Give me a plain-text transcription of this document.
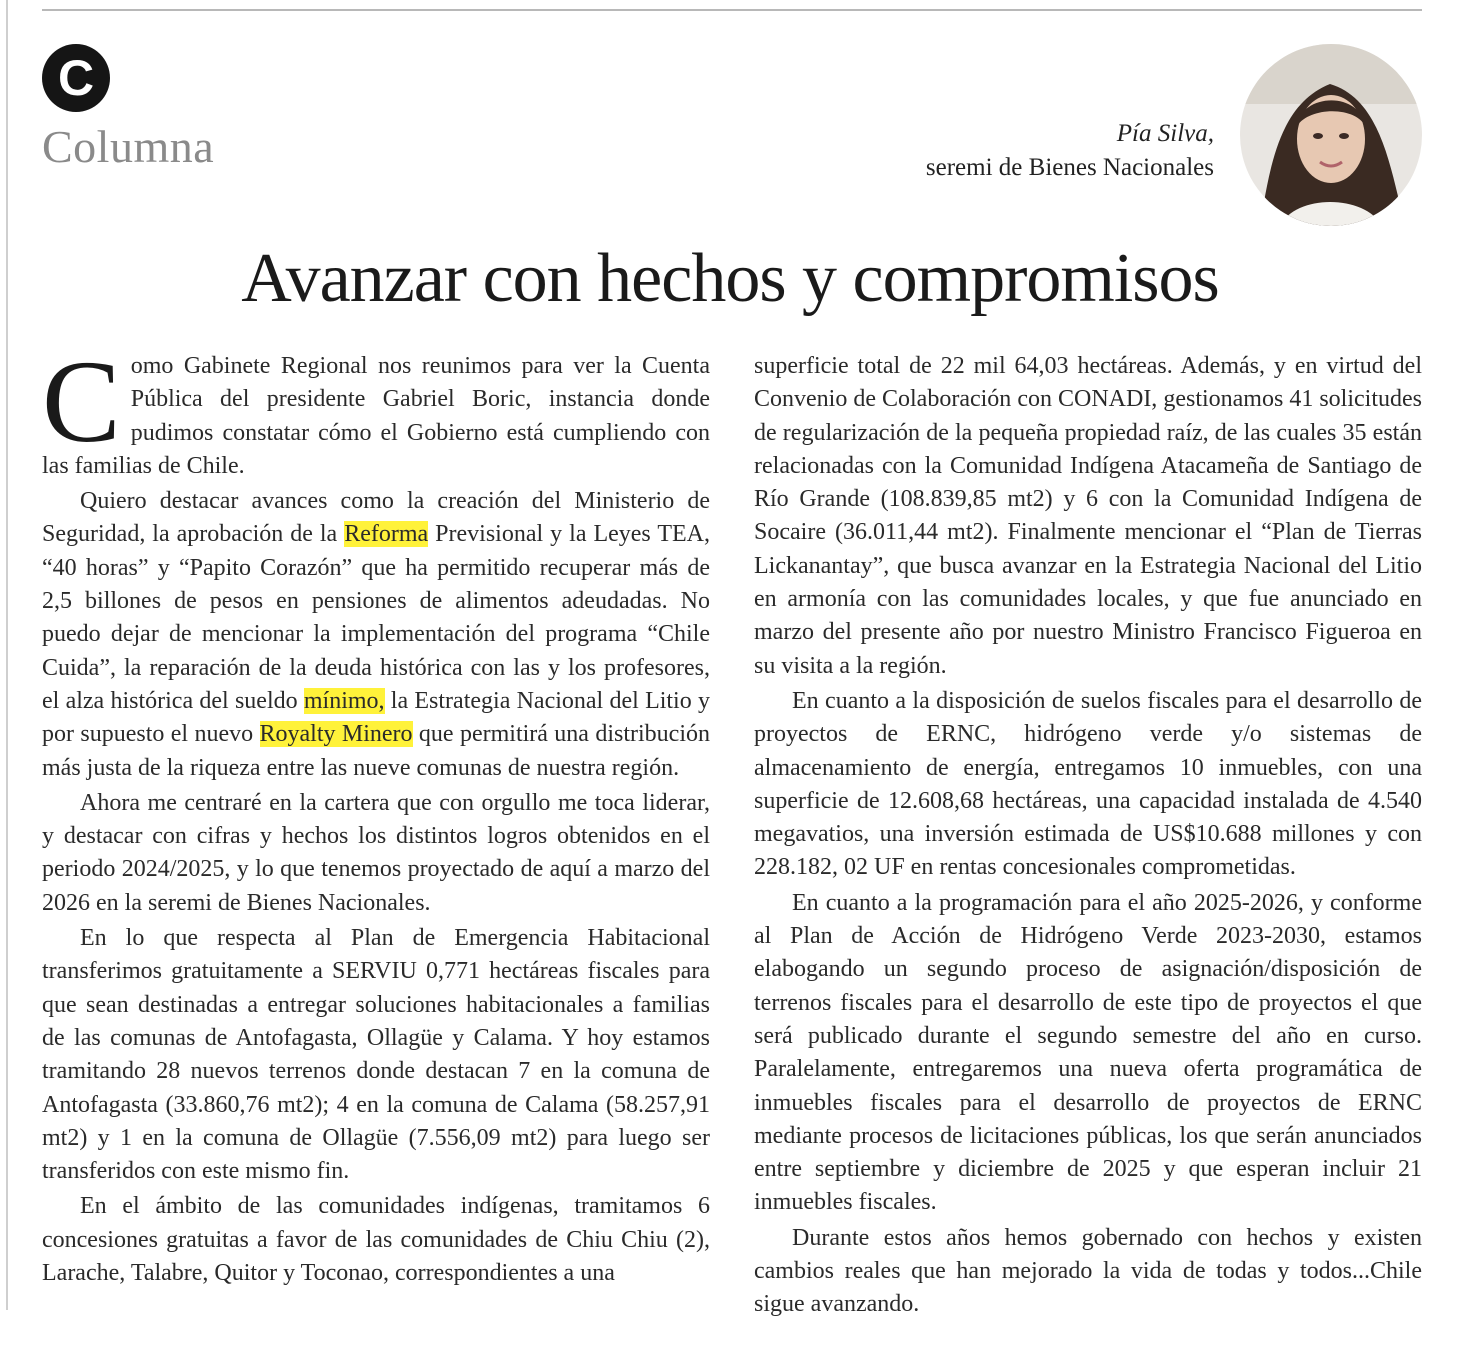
C
Columna	Pía Silva,
seremi de Bienes Nacionales
Avanzar con hechos y compromisos

Como Gabinete Regional nos reunimos para ver la Cuenta Pública del presidente Gabriel Boric, instancia donde pudimos constatar cómo el Gobierno está cumpliendo con las familias de Chile.

Quiero destacar avances como la creación del Ministerio de Seguridad, la aprobación de la Reforma Previsional y la Leyes TEA, “40 horas” y “Papito Corazón” que ha permitido recuperar más de 2,5 billones de pesos en pensiones de alimentos adeudadas. No puedo dejar de mencionar la implementación del programa “Chile Cuida”, la reparación de la deuda histórica con las y los profesores, el alza histórica del sueldo mínimo, la Estrategia Nacional del Litio y por supuesto el nuevo Royalty Minero que permitirá una distribución más justa de la riqueza entre las nueve comunas de nuestra región.

Ahora me centraré en la cartera que con orgullo me toca liderar, y destacar con cifras y hechos los distintos logros obtenidos en el periodo 2024/2025, y lo que tenemos proyectado de aquí a marzo del 2026 en la seremi de Bienes Nacionales.

En lo que respecta al Plan de Emergencia Habitacional transferimos gratuitamente a SERVIU 0,771 hectáreas fiscales para que sean destinadas a entregar soluciones habitacionales a familias de las comunas de Antofagasta, Ollagüe y Calama. Y hoy estamos tramitando 28 nuevos terrenos donde destacan 7 en la comuna de Antofagasta (33.860,76 mt2); 4 en la comuna de Calama (58.257,91 mt2) y 1 en la comuna de Ollagüe (7.556,09 mt2) para luego ser transferidos con este mismo fin.

En el ámbito de las comunidades indígenas, tramitamos 6 concesiones gratuitas a favor de las comunidades de Chiu Chiu (2), Larache, Talabre, Quitor y Toconao, correspondientes a una

superficie total de 22 mil 64,03 hectáreas. Además, y en virtud del Convenio de Colaboración con CONADI, gestionamos 41 solicitudes de regularización de la pequeña propiedad raíz, de las cuales 35 están relacionadas con la Comunidad Indígena Atacameña de Santiago de Río Grande (108.839,85 mt2) y 6 con la Comunidad Indígena de Socaire (36.011,44 mt2). Finalmente mencionar el “Plan de Tierras Lickanantay”, que busca avanzar en la Estrategia Nacional del Litio en armonía con las comunidades locales, y que fue anunciado en marzo del presente año por nuestro Ministro Francisco Figueroa en su visita a la región.

En cuanto a la disposición de suelos fiscales para el desarrollo de proyectos de ERNC, hidrógeno verde y/o sistemas de almacenamiento de energía, entregamos 10 inmuebles, con una superficie de 12.608,68 hectáreas, una capacidad instalada de 4.540 megavatios, una inversión estimada de US$10.688 millones y con 228.182, 02 UF en rentas concesionales comprometidas.

En cuanto a la programación para el año 2025-2026, y conforme al Plan de Acción de Hidrógeno Verde 2023-2030, estamos elabogando un segundo proceso de asignación/disposición de terrenos fiscales para el desarrollo de este tipo de proyectos el que será publicado durante el segundo semestre del año en curso. Paralelamente, entregaremos una nueva oferta programática de inmuebles fiscales para el desarrollo de proyectos de ERNC mediante procesos de licitaciones públicas, los que serán anunciados entre septiembre y diciembre de 2025 y que esperan incluir 21 inmuebles fiscales.

Durante estos años hemos gobernado con hechos y existen cambios reales que han mejorado la vida de todas y todos...Chile sigue avanzando.
